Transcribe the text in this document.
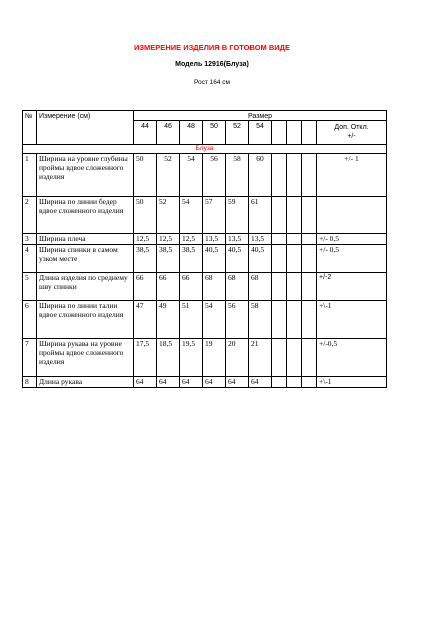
ИЗМЕРЕНИЕ ИЗДЕЛИЯ В ГОТОВОМ ВИДЕ
Модель 12916(Блуза)
Рост 164 см
№	Измерение (см)	Размер									
		44	46	48	50	52	54				Доп. Откл.
+/-
Блуза											
1	Ширина на уровне глубины проймы вдвое сложенного изделия	50	52	54	56	58	60				+/- 1
2	Ширина по линии бедер вдвое сложенного изделия	50	52	54	57	59	61				
3	Ширина плеча	12,5	12,5	12,5	13,5	13,5	13,5				+/- 0,5
4	Ширина спинки в самом узком месте	38,5	38,5	38,5	40,5	40,5	40,5				+/- 0,5
5	Длина изделия по среднему шву спинки	66	66	66	68	68	68				+/-2
6	Ширина по линии талии вдвое сложенного изделия	47	49	51	54	56	58				+\-1
7	Ширина рукава на уровне проймы вдвое сложенного изделия	17,5	18,5	19,5	19	20	21				+/-0,5
8	Длина рукава	64	64	64	64	64	64				+\-1
